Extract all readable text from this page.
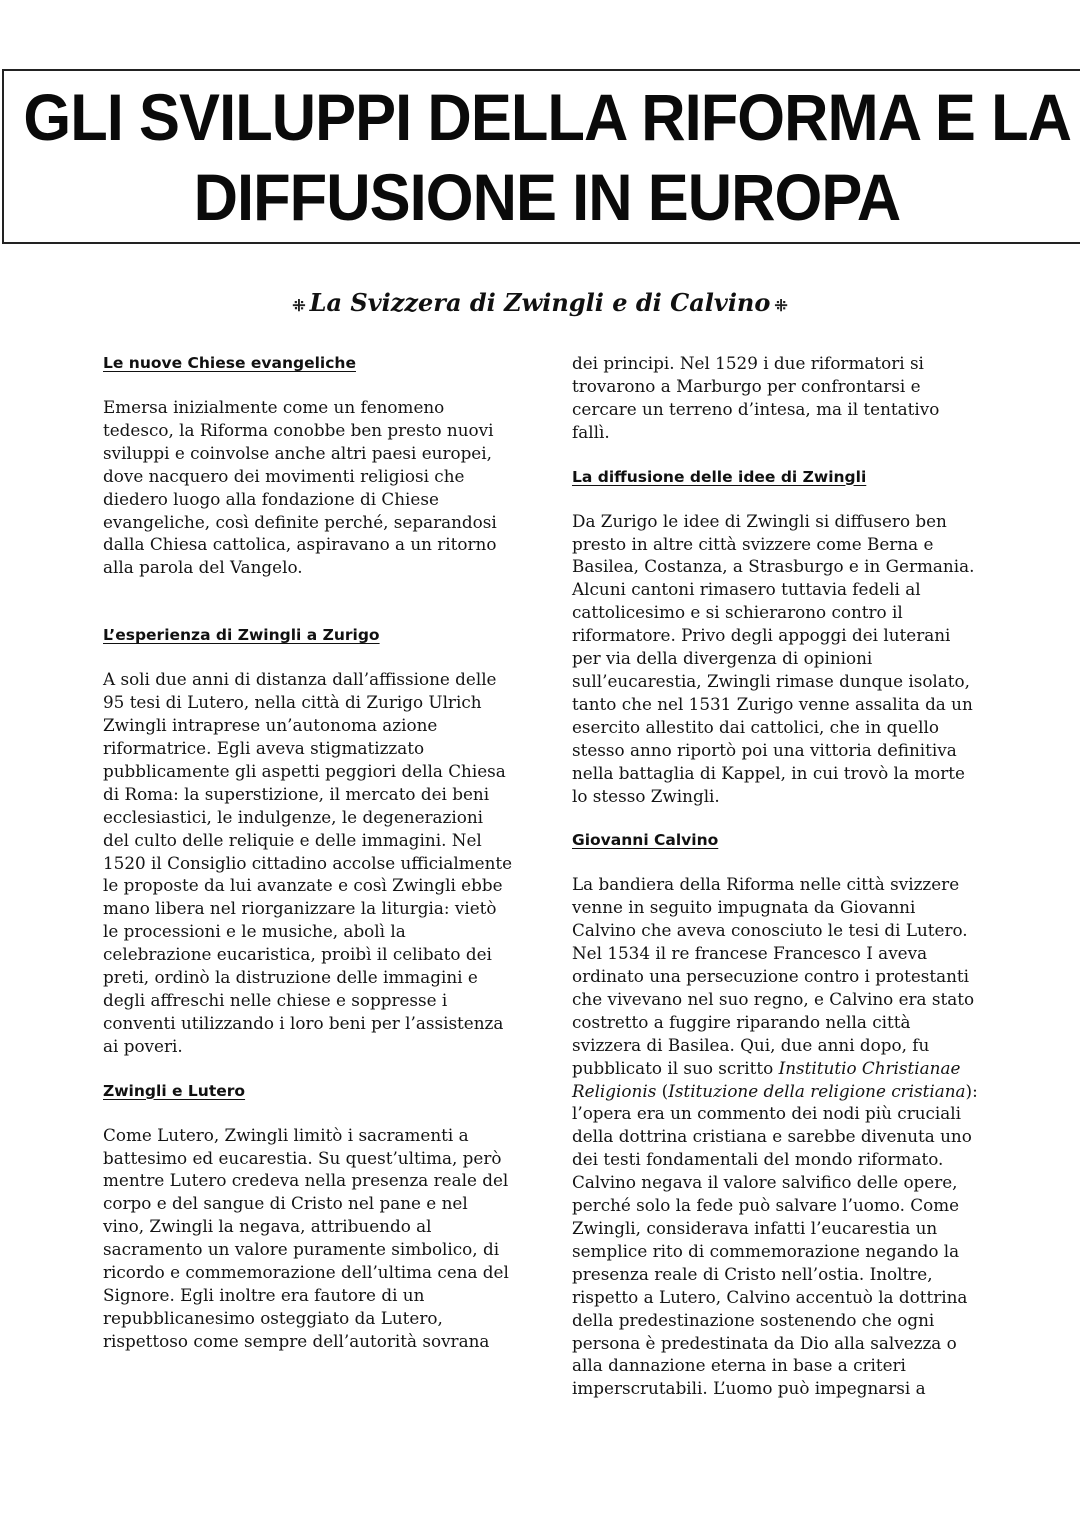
GLI SVILUPPI DELLA RIFORMA E LA
DIFFUSIONE IN EUROPA
⁜ La Svizzera di Zwingli e di Calvino ⁜
Le nuove Chiese evangeliche

Emersa inizialmente come un fenomeno tedesco, la Riforma conobbe ben presto nuovi sviluppi e coinvolse anche altri paesi europei, dove nacquero dei movimenti religiosi che diedero luogo alla fondazione di Chiese evangeliche, così definite perché, separandosi dalla Chiesa cattolica, aspiravano a un ritorno alla parola del Vangelo.

L’esperienza di Zwingli a Zurigo

A soli due anni di distanza dall’affissione delle 95 tesi di Lutero, nella città di Zurigo Ulrich Zwingli intraprese un’autonoma azione riformatrice. Egli aveva stigmatizzato pubblicamente gli aspetti peggiori della Chiesa di Roma: la superstizione, il mercato dei beni ecclesiastici, le indulgenze, le degenerazioni del culto delle reliquie e delle immagini. Nel 1520 il Consiglio cittadino accolse ufficialmente le proposte da lui avanzate e così Zwingli ebbe mano libera nel riorganizzare la liturgia: vietò le processioni e le musiche, abolì la celebrazione eucaristica, proibì il celibato dei preti, ordinò la distruzione delle immagini e degli affreschi nelle chiese e soppresse i conventi utilizzando i loro beni per l’assistenza ai poveri.

Zwingli e Lutero

Come Lutero, Zwingli limitò i sacramenti a battesimo ed eucarestia. Su quest’ultima, però mentre Lutero credeva nella presenza reale del corpo e del sangue di Cristo nel pane e nel vino, Zwingli la negava, attribuendo al sacramento un valore puramente simbolico, di ricordo e commemorazione dell’ultima cena del Signore. Egli inoltre era fautore di un repubblicanesimo osteggiato da Lutero, rispettoso come sempre dell’autorità sovrana

dei principi. Nel 1529 i due riformatori si trovarono a Marburgo per confrontarsi e cercare un terreno d’intesa, ma il tentativo fallì.

La diffusione delle idee di Zwingli

Da Zurigo le idee di Zwingli si diffusero ben presto in altre città svizzere come Berna e Basilea, Costanza, a Strasburgo e in Germania. Alcuni cantoni rimasero tuttavia fedeli al cattolicesimo e si schierarono contro il riformatore. Privo degli appoggi dei luterani per via della divergenza di opinioni sull’eucarestia, Zwingli rimase dunque isolato, tanto che nel 1531 Zurigo venne assalita da un esercito allestito dai cattolici, che in quello stesso anno riportò poi una vittoria definitiva nella battaglia di Kappel, in cui trovò la morte lo stesso Zwingli.

Giovanni Calvino

La bandiera della Riforma nelle città svizzere venne in seguito impugnata da Giovanni Calvino che aveva conosciuto le tesi di Lutero. Nel 1534 il re francese Francesco I aveva ordinato una persecuzione contro i protestanti che vivevano nel suo regno, e Calvino era stato costretto a fuggire riparando nella città svizzera di Basilea. Qui, due anni dopo, fu pubblicato il suo scritto Institutio Christianae Religionis (Istituzione della religione cristiana): l’opera era un commento dei nodi più cruciali della dottrina cristiana e sarebbe divenuta uno dei testi fondamentali del mondo riformato. Calvino negava il valore salvifico delle opere, perché solo la fede può salvare l’uomo. Come Zwingli, considerava infatti l’eucarestia un semplice rito di commemorazione negando la presenza reale di Cristo nell’ostia. Inoltre, rispetto a Lutero, Calvino accentuò la dottrina della predestinazione sostenendo che ogni persona è predestinata da Dio alla salvezza o alla dannazione eterna in base a criteri imperscrutabili. L’uomo può impegnarsi a
